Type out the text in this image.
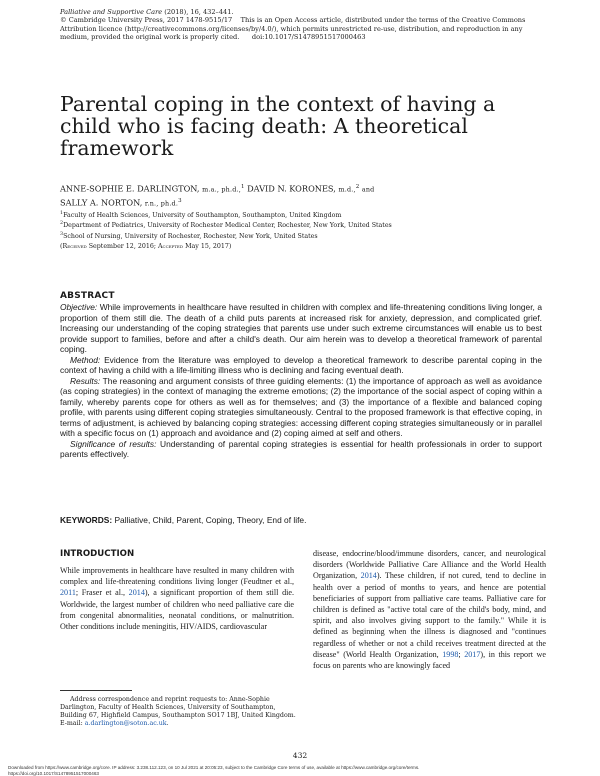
Palliative and Supportive Care (2018), 16, 432–441.
© Cambridge University Press, 2017 1478-9515/17 This is an Open Access article, distributed under the terms of the Creative Commons
Attribution licence (http://creativecommons.org/licenses/by/4.0/), which permits unrestricted re-use, distribution, and reproduction in any
medium, provided the original work is properly cited. doi:10.1017/S1478951517000463
Parental coping in the context of having a child who is facing death: A theoretical framework
ANNE-SOPHIE E. DARLINGTON, m.a., ph.d.,$^1$ DAVID N. KORONES, m.d.,$^2$ and
SALLY A. NORTON, r.n., ph.d.$^3$
$^1$Faculty of Health Sciences, University of Southampton, Southampton, United Kingdom
$^2$Department of Pediatrics, University of Rochester Medical Center, Rochester, New York, United States
$^3$School of Nursing, University of Rochester, Rochester, New York, United States
(Received September 12, 2016; Accepted May 15, 2017)
ABSTRACT

Objective: While improvements in healthcare have resulted in children with complex and life-threatening conditions living longer, a proportion of them still die. The death of a child puts parents at increased risk for anxiety, depression, and complicated grief. Increasing our understanding of the coping strategies that parents use under such extreme circumstances will enable us to best provide support to families, before and after a child's death. Our aim herein was to develop a theoretical framework of parental coping.

Method: Evidence from the literature was employed to develop a theoretical framework to describe parental coping in the context of having a child with a life-limiting illness who is declining and facing eventual death.

Results: The reasoning and argument consists of three guiding elements: (1) the importance of approach as well as avoidance (as coping strategies) in the context of managing the extreme emotions; (2) the importance of the social aspect of coping within a family, whereby parents cope for others as well as for themselves; and (3) the importance of a flexible and balanced coping profile, with parents using different coping strategies simultaneously. Central to the proposed framework is that effective coping, in terms of adjustment, is achieved by balancing coping strategies: accessing different coping strategies simultaneously or in parallel with a specific focus on (1) approach and avoidance and (2) coping aimed at self and others.

Significance of results: Understanding of parental coping strategies is essential for health professionals in order to support parents effectively.

KEYWORDS: Palliative, Child, Parent, Coping, Theory, End of life.
INTRODUCTION

While improvements in healthcare have resulted in many children with complex and life-threatening conditions living longer (Feudtner et al., 2011; Fraser et al., 2014), a significant proportion of them still die. Worldwide, the largest number of children who need palliative care die from congenital abnormalities, neonatal conditions, or malnutrition. Other conditions include meningitis, HIV/AIDS, cardiovascular

disease, endocrine/blood/immune disorders, cancer, and neurological disorders (Worldwide Palliative Care Alliance and the World Health Organization, 2014). These children, if not cured, tend to decline in health over a period of months to years, and hence are potential beneficiaries of support from palliative care teams. Palliative care for children is defined as "active total care of the child's body, mind, and spirit, and also involves giving support to the family." While it is defined as beginning when the illness is diagnosed and "continues regardless of whether or not a child receives treatment directed at the disease" (World Health Organization, 1998; 2017), in this report we focus on parents who are knowingly faced

Address correspondence and reprint requests to: Anne-Sophie Darlington, Faculty of Health Sciences, University of Southampton, Building 67, Highfield Campus, Southampton SO17 1BJ, United Kingdom. E-mail: a.darlington@soton.ac.uk.
432
Downloaded from https://www.cambridge.org/core. IP address: 3.238.112.123, on 10 Jul 2021 at 20:05:23, subject to the Cambridge Core terms of use, available at https://www.cambridge.org/core/terms.
https://doi.org/10.1017/S1478951517000463
